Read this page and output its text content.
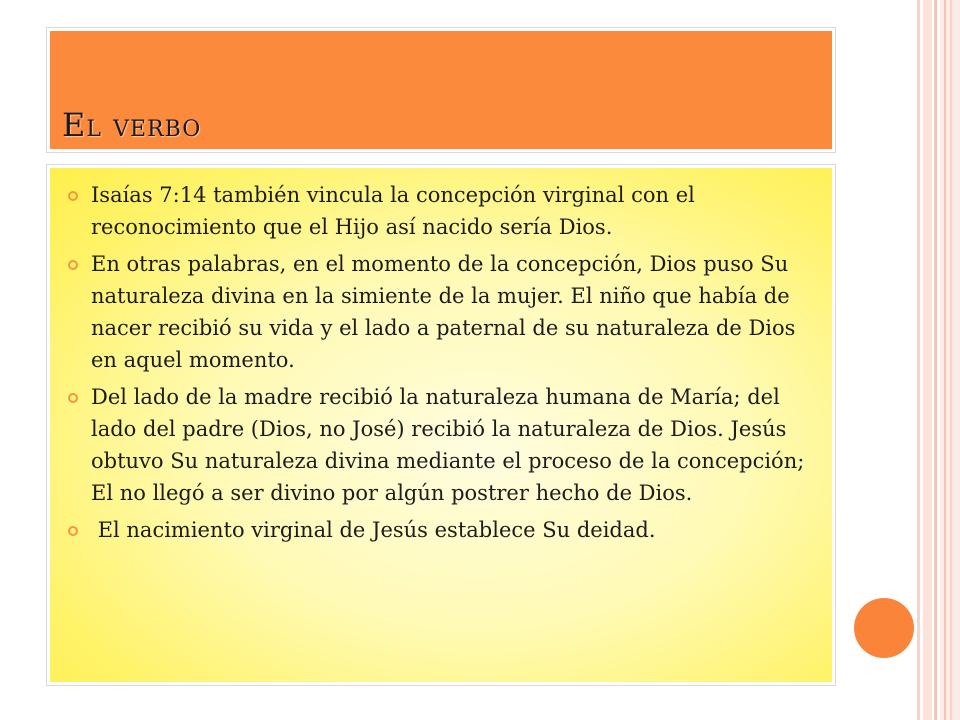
El verbo
Isaías 7:14 también vincula la concepción virginal con el reconocimiento que el Hijo así nacido sería Dios.
En otras palabras, en el momento de la concepción, Dios puso Su naturaleza divina en la simiente de la mujer. El niño que había de nacer recibió su vida y el lado a paternal de su naturaleza de Dios en aquel momento.
Del lado de la madre recibió la naturaleza humana de María; del lado del padre (Dios, no José) recibió la naturaleza de Dios. Jesús obtuvo Su naturaleza divina mediante el proceso de la concepción; El no llegó a ser divino por algún postrer hecho de Dios.
El nacimiento virginal de Jesús establece Su deidad.
